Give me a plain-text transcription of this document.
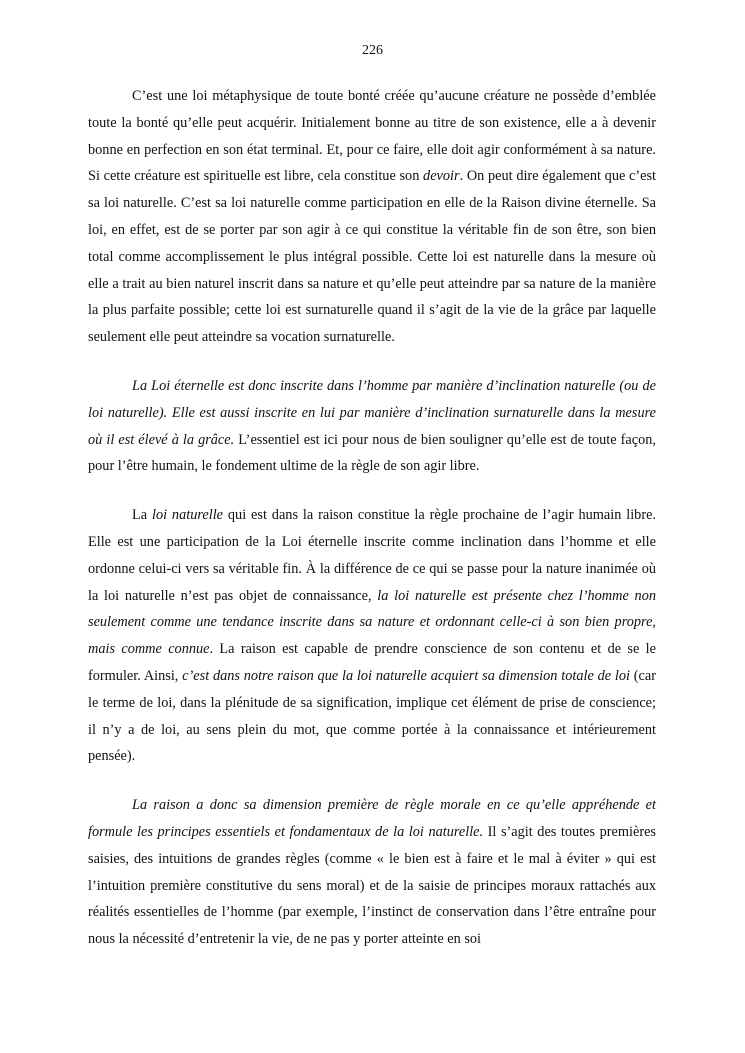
226

C’est une loi métaphysique de toute bonté créée qu’aucune créature ne possède d’emblée toute la bonté qu’elle peut acquérir. Initialement bonne au titre de son existence, elle a à devenir bonne en perfection en son état terminal. Et, pour ce faire, elle doit agir conformément à sa nature. Si cette créature est spirituelle est libre, cela constitue son devoir. On peut dire également que c’est sa loi naturelle. C’est sa loi naturelle comme participation en elle de la Raison divine éternelle. Sa loi, en effet, est de se porter par son agir à ce qui constitue la véritable fin de son être, son bien total comme accomplissement le plus intégral possible. Cette loi est naturelle dans la mesure où elle a trait au bien naturel inscrit dans sa nature et qu’elle peut atteindre par sa nature de la manière la plus parfaite possible; cette loi est surnaturelle quand il s’agit de la vie de la grâce par laquelle seulement elle peut atteindre sa vocation surnaturelle.

La Loi éternelle est donc inscrite dans l’homme par manière d’inclination naturelle (ou de loi naturelle). Elle est aussi inscrite en lui par manière d’inclination surnaturelle dans la mesure où il est élevé à la grâce. L’essentiel est ici pour nous de bien souligner qu’elle est de toute façon, pour l’être humain, le fondement ultime de la règle de son agir libre.

La loi naturelle qui est dans la raison constitue la règle prochaine de l’agir humain libre. Elle est une participation de la Loi éternelle inscrite comme inclination dans l’homme et elle ordonne celui-ci vers sa véritable fin. À la différence de ce qui se passe pour la nature inanimée où la loi naturelle n’est pas objet de connaissance, la loi naturelle est présente chez l’homme non seulement comme une tendance inscrite dans sa nature et ordonnant celle-ci à son bien propre, mais comme connue. La raison est capable de prendre conscience de son contenu et de se le formuler. Ainsi, c’est dans notre raison que la loi naturelle acquiert sa dimension totale de loi (car le terme de loi, dans la plénitude de sa signification, implique cet élément de prise de conscience; il n’y a de loi, au sens plein du mot, que comme portée à la connaissance et intérieurement pensée).

La raison a donc sa dimension première de règle morale en ce qu’elle appréhende et formule les principes essentiels et fondamentaux de la loi naturelle. Il s’agit des toutes premières saisies, des intuitions de grandes règles (comme « le bien est à faire et le mal à éviter » qui est l’intuition première constitutive du sens moral) et de la saisie de principes moraux rattachés aux réalités essentielles de l’homme (par exemple, l’instinct de conservation dans l’être entraîne pour nous la nécessité d’entretenir la vie, de ne pas y porter atteinte en soi
